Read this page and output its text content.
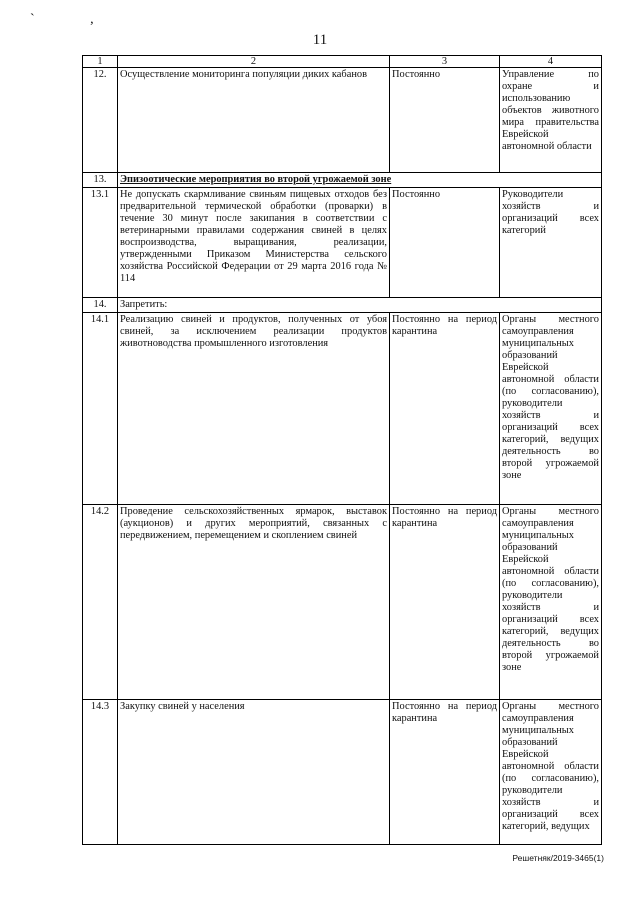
` ,
11
1	2	3	4
12.	Осуществление мониторинга популяции диких кабанов	Постоянно	Управление по охране и использованию объектов животного мира правительства Еврейской автономной области
13.	Эпизоотические мероприятия во второй угрожаемой зоне		
13.1	Не допускать скармливание свиньям пищевых отходов без предварительной термической обработки (проварки) в течение 30 минут после закипания в соответствии с ветеринарными правилами содержания свиней в целях воспроизводства, выращивания, реализации, утвержденными Приказом Министерства сельского хозяйства Российской Федерации от 29 марта 2016 года № 114	Постоянно	Руководители хозяйств и организаций всех категорий
14.	Запретить:		
14.1	Реализацию свиней и продуктов, полученных от убоя свиней, за исключением реализации продуктов животноводства промышленного изготовления	Постоянно на период карантина	Органы местного самоуправления муниципальных образований Еврейской автономной области (по согласованию), руководители хозяйств и организаций всех категорий, ведущих деятельность во второй угрожаемой зоне
14.2	Проведение сельскохозяйственных ярмарок, выставок (аукционов) и других мероприятий, связанных с передвижением, перемещением и скоплением свиней	Постоянно на период карантина	Органы местного самоуправления муниципальных образований Еврейской автономной области (по согласованию), руководители хозяйств и организаций всех категорий, ведущих деятельность во второй угрожаемой зоне
14.3	Закупку свиней у населения	Постоянно на период карантина	Органы местного самоуправления муниципальных образований Еврейской автономной области (по согласованию), руководители хозяйств и организаций всех категорий, ведущих
Решетняк/2019-3465(1)
